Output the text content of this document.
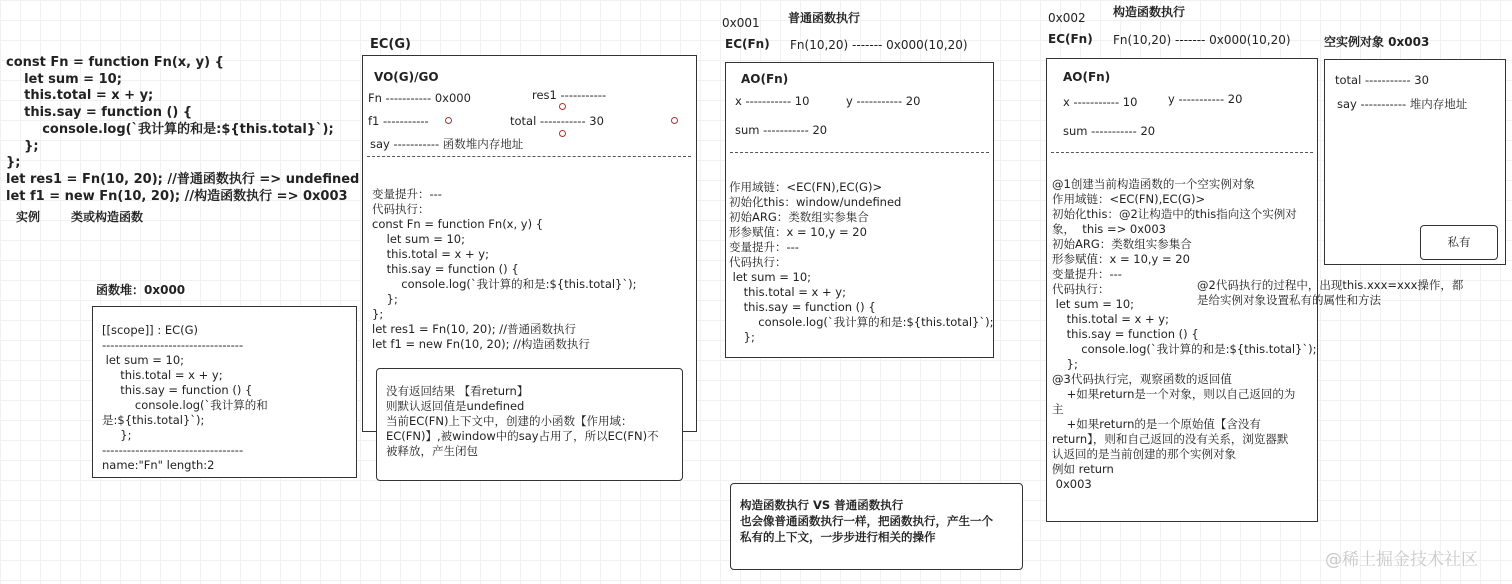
const Fn = function Fn(x, y) {
let sum = 10;
this.total = x + y;
this.say = function () {
console.log(`我计算的和是:${this.total}`);
};
};
let res1 = Fn(10, 20); //普通函数执行 => undefined
let f1 = new Fn(10, 20); //构造函数执行 => 0x003
实例	类或构造函数
函数堆：0x000
[[scope]] : EC(G)
----------------------------------
let sum = 10;
this.total = x + y;
this.say = function () {
console.log(`我计算的和
是:${this.total}`);
};
----------------------------------
name:"Fn" length:2
EC(G)
VO(G)/GO
Fn ----------- 0x000	res1 -----------
f1 -----------	total ----------- 30
say ----------- 函数堆内存地址
变量提升：---
代码执行：
const Fn = function Fn(x, y) {
let sum = 10;
this.total = x + y;
this.say = function () {
console.log(`我计算的和是:${this.total}`);
};
};
let res1 = Fn(10, 20); //普通函数执行
let f1 = new Fn(10, 20); //构造函数执行
没有返回结果 【看return】
则默认返回值是undefined
当前EC(FN)上下文中，创建的小函数【作用域：
EC(FN)】,被window中的say占用了，所以EC(FN)不
被释放，产生闭包
0x001 普通函数执行
EC(Fn) Fn(10,20) ------- 0x000(10,20)
AO(Fn)
x ----------- 10	y ----------- 20
sum ----------- 20
作用域链：<EC(FN),EC(G)>
初始化this：window/undefined
初始ARG：类数组实参集合
形参赋值：x = 10,y = 20
变量提升：---
代码执行：
let sum = 10;
this.total = x + y;
this.say = function () {
console.log(`我计算的和是:${this.total}`);
};
构造函数执行 VS 普通函数执行
也会像普通函数执行一样，把函数执行，产生一个
私有的上下文，一步步进行相关的操作
0x002 构造函数执行
EC(Fn) Fn(10,20) ------- 0x000(10,20)
AO(Fn)
x ----------- 10	y ----------- 20
sum ----------- 20
@1创建当前构造函数的一个空实例对象
作用域链：<EC(FN),EC(G)>
初始化this：@2让构造中的this指向这个实例对
象，  this => 0x003
初始ARG：类数组实参集合
形参赋值：x = 10,y = 20
变量提升：---
代码执行：
let sum = 10;
this.total = x + y;
this.say = function () {
console.log(`我计算的和是:${this.total}`);
};
@3代码执行完，观察函数的返回值
+如果return是一个对象，则以自己返回的为
主
+如果return的是一个原始值【含没有
return】，则和自己返回的没有关系，浏览器默
认返回的是当前创建的那个实例对象
例如 return
0x003
@2代码执行的过程中，出现this.xxx=xxx操作，都
是给实例对象设置私有的属性和方法
空实例对象 0x003
total ----------- 30
say ----------- 堆内存地址
私有
@稀土掘金技术社区
